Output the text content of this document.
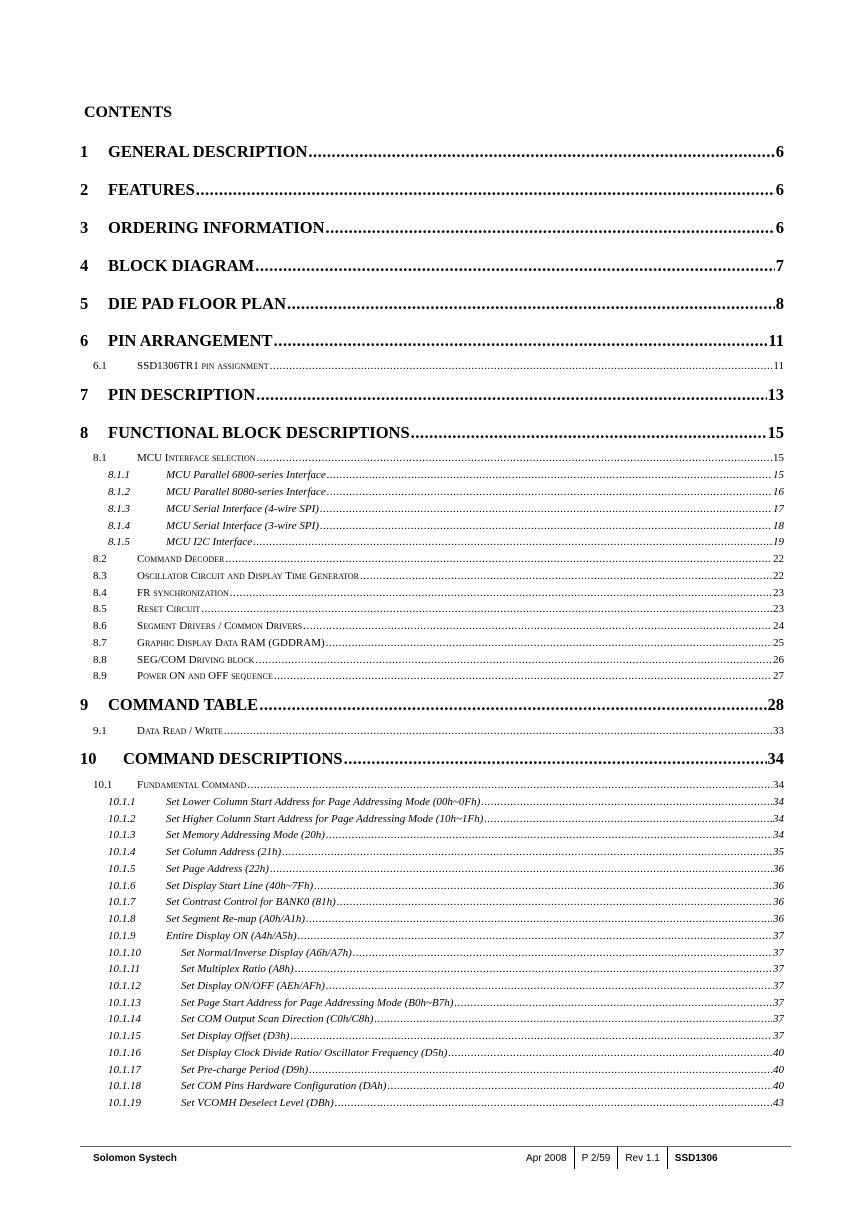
CONTENTS
1	GENERAL DESCRIPTION .....	6
2	FEATURES .....	6
3	ORDERING INFORMATION .....	6
4	BLOCK DIAGRAM .....	7
5	DIE PAD FLOOR PLAN .....	8
6	PIN ARRANGEMENT .....	11
6.1	SSD1306TR1 pin assignment .....	11
7	PIN DESCRIPTION .....	13
8	FUNCTIONAL BLOCK DESCRIPTIONS .....	15
8.1	MCU Interface selection .....	15
8.1.1	MCU Parallel 6800-series Interface .....	15
8.1.2	MCU Parallel 8080-series Interface .....	16
8.1.3	MCU Serial Interface (4-wire SPI) .....	17
8.1.4	MCU Serial Interface (3-wire SPI) .....	18
8.1.5	MCU I2C Interface .....	19
8.2	Command Decoder .....	22
8.3	Oscillator Circuit and Display Time Generator .....	22
8.4	FR synchronization .....	23
8.5	Reset Circuit .....	23
8.6	Segment Drivers / Common Drivers .....	24
8.7	Graphic Display Data RAM (GDDRAM) .....	25
8.8	SEG/COM Driving block .....	26
8.9	Power ON and OFF sequence .....	27
9	COMMAND TABLE .....	28
9.1	Data Read / Write .....	33
10	COMMAND DESCRIPTIONS .....	34
10.1	Fundamental Command .....	34
10.1.1	Set Lower Column Start Address for Page Addressing Mode (00h~0Fh) .....	34
10.1.2	Set Higher Column Start Address for Page Addressing Mode (10h~1Fh) .....	34
10.1.3	Set Memory Addressing Mode (20h) .....	34
10.1.4	Set Column Address (21h) .....	35
10.1.5	Set Page Address (22h) .....	36
10.1.6	Set Display Start Line (40h~7Fh) .....	36
10.1.7	Set Contrast Control for BANK0 (81h) .....	36
10.1.8	Set Segment Re-map (A0h/A1h) .....	36
10.1.9	Entire Display ON (A4h/A5h) .....	37
10.1.10	Set Normal/Inverse Display (A6h/A7h) .....	37
10.1.11	Set Multiplex Ratio (A8h) .....	37
10.1.12	Set Display ON/OFF (AEh/AFh) .....	37
10.1.13	Set Page Start Address for Page Addressing Mode (B0h~B7h) .....	37
10.1.14	Set COM Output Scan Direction (C0h/C8h) .....	37
10.1.15	Set Display Offset (D3h) .....	37
10.1.16	Set Display Clock Divide Ratio/ Oscillator Frequency (D5h) .....	40
10.1.17	Set Pre-charge Period (D9h) .....	40
10.1.18	Set COM Pins Hardware Configuration (DAh) .....	40
10.1.19	Set VCOMH Deselect Level (DBh) .....	43
Solomon Systech	Apr 2008	P 2/59	Rev 1.1	SSD1306
